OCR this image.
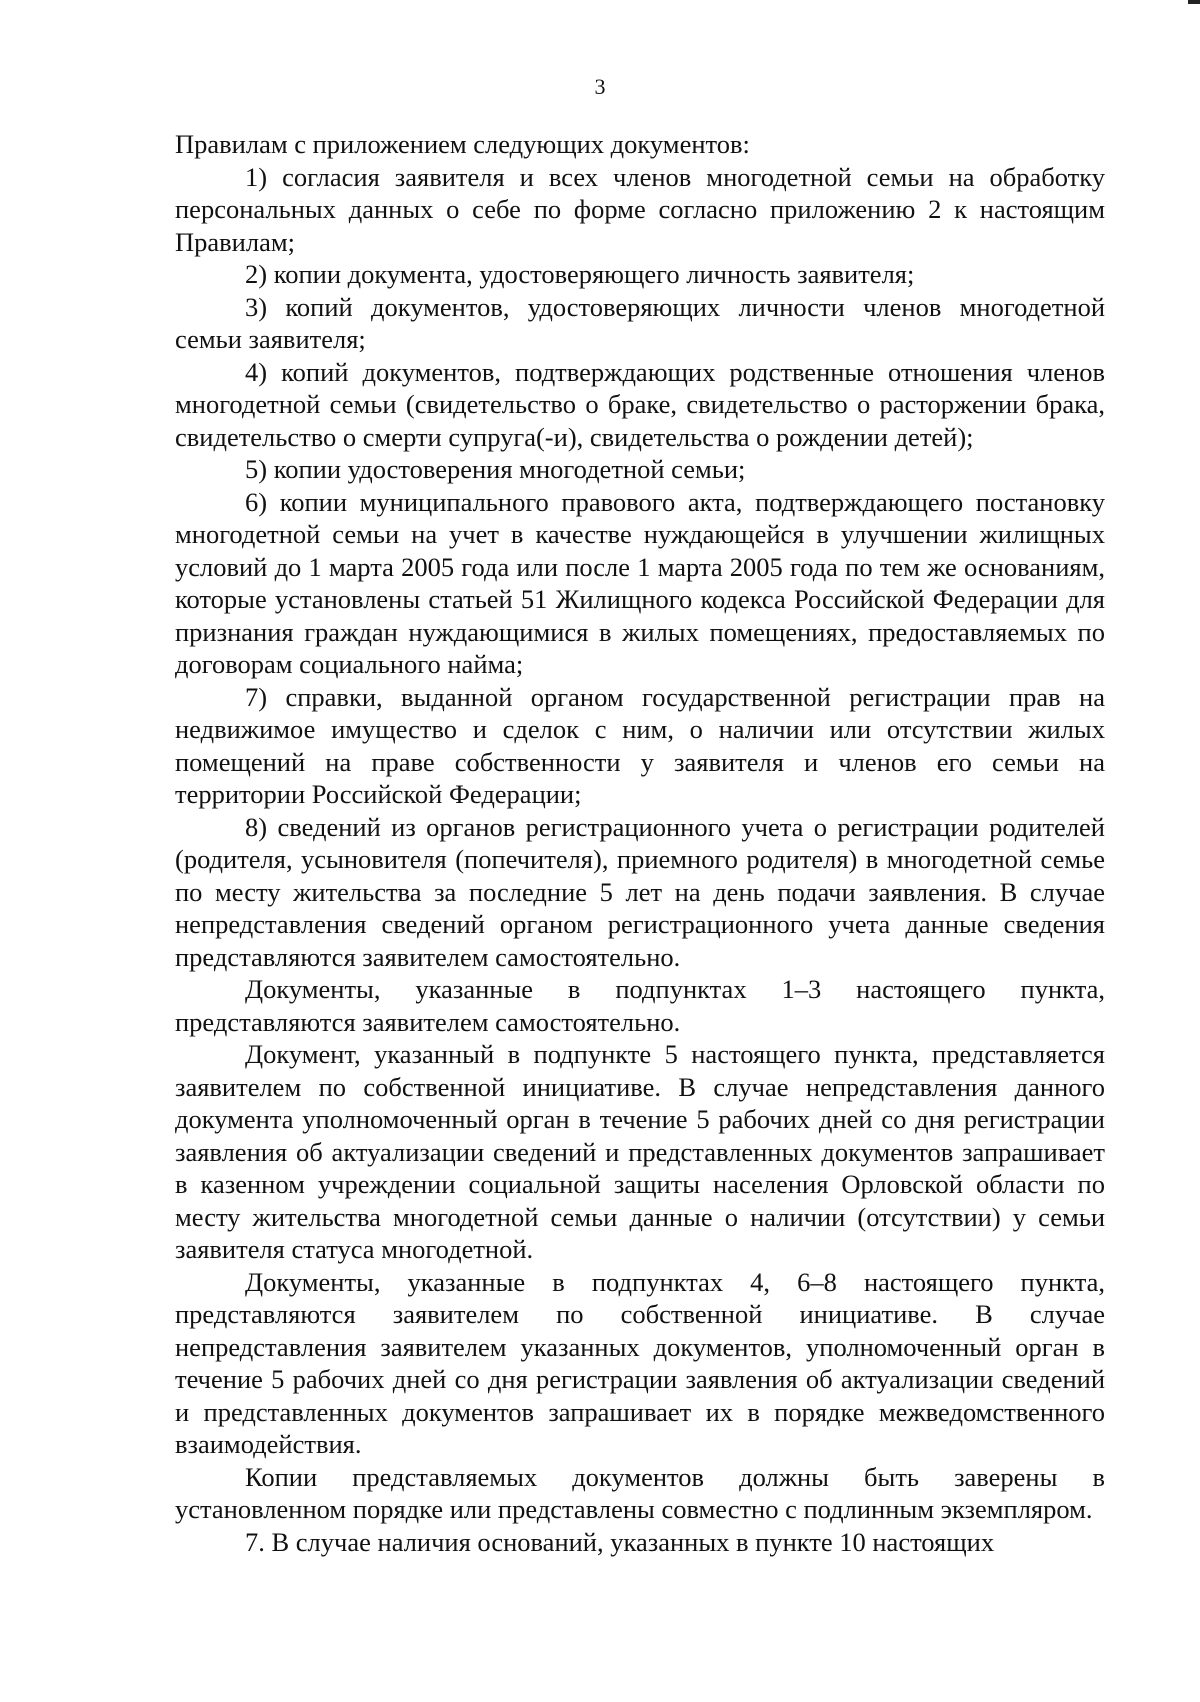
3

Правилам с приложением следующих документов:

1) согласия заявителя и всех членов многодетной семьи на обработку персональных данных о себе по форме согласно приложению 2 к настоящим Правилам;

2) копии документа, удостоверяющего личность заявителя;

3) копий документов, удостоверяющих личности членов многодетной семьи заявителя;

4) копий документов, подтверждающих родственные отношения членов многодетной семьи (свидетельство о браке, свидетельство о расторжении брака, свидетельство о смерти супруга(-и), свидетельства о рождении детей);

5) копии удостоверения многодетной семьи;

6) копии муниципального правового акта, подтверждающего постановку многодетной семьи на учет в качестве нуждающейся в улучшении жилищных условий до 1 марта 2005 года или после 1 марта 2005 года по тем же основаниям, которые установлены статьей 51 Жилищного кодекса Российской Федерации для признания граждан нуждающимися в жилых помещениях, предоставляемых по договорам социального найма;

7) справки, выданной органом государственной регистрации прав на недвижимое имущество и сделок с ним, о наличии или отсутствии жилых помещений на праве собственности у заявителя и членов его семьи на территории Российской Федерации;

8) сведений из органов регистрационного учета о регистрации родителей (родителя, усыновителя (попечителя), приемного родителя) в многодетной семье по месту жительства за последние 5 лет на день подачи заявления. В случае непредставления сведений органом регистрационного учета данные сведения представляются заявителем самостоятельно.

Документы, указанные в подпунктах 1–3 настоящего пункта, представляются заявителем самостоятельно.

Документ, указанный в подпункте 5 настоящего пункта, представляется заявителем по собственной инициативе. В случае непредставления данного документа уполномоченный орган в течение 5 рабочих дней со дня регистрации заявления об актуализации сведений и представленных документов запрашивает в казенном учреждении социальной защиты населения Орловской области по месту жительства многодетной семьи данные о наличии (отсутствии) у семьи заявителя статуса многодетной.

Документы, указанные в подпунктах 4, 6–8 настоящего пункта, представляются заявителем по собственной инициативе. В случае непредставления заявителем указанных документов, уполномоченный орган в течение 5 рабочих дней со дня регистрации заявления об актуализации сведений и представленных документов запрашивает их в порядке межведомственного взаимодействия.

Копии представляемых документов должны быть заверены в установленном порядке или представлены совместно с подлинным экземпляром.

7. В случае наличия оснований, указанных в пункте 10 настоящих
